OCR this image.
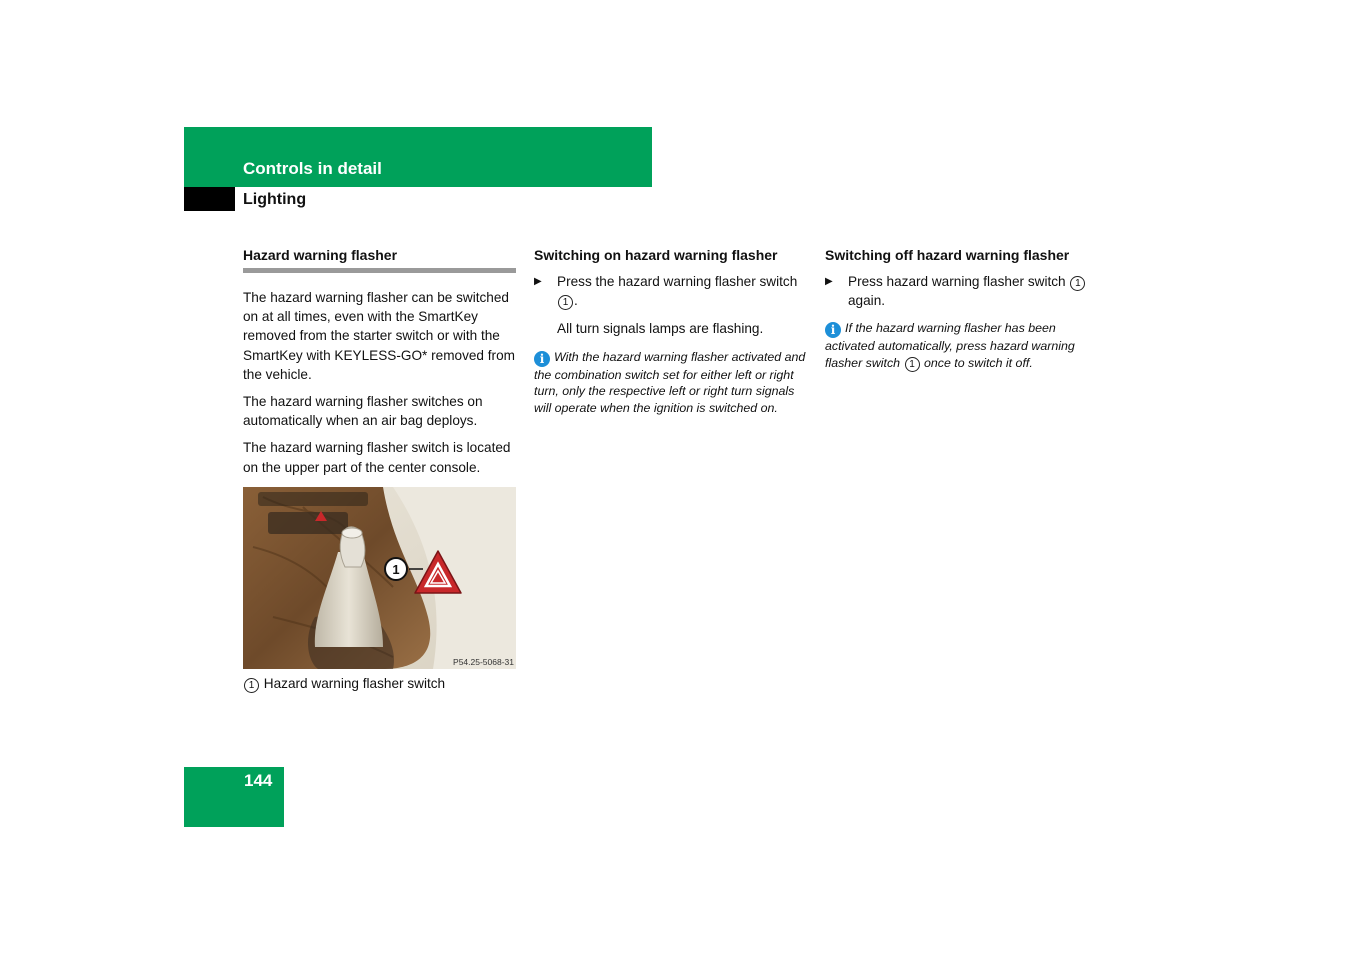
Controls in detail
Lighting
Hazard warning flasher

The hazard warning flasher can be switched on at all times, even with the SmartKey removed from the starter switch or with the SmartKey with KEYLESS-GO* removed from the vehicle.

The hazard warning flasher switches on automatically when an air bag deploys.

The hazard warning flasher switch is located on the upper part of the center console.

1
P54.25-5068-31

1 Hazard warning flasher switch

Switching on hazard warning flasher

▶ Press the hazard warning flasher switch 1 .

All turn signals lamps are flashing.

i With the hazard warning flasher activated and the combination switch set for either left or right turn, only the respective left or right turn signals will operate when the ignition is switched on.

Switching off hazard warning flasher

▶ Press hazard warning flasher switch 1 again.

i If the hazard warning flasher has been activated automatically, press hazard warning flasher switch 1 once to switch it off.

144
